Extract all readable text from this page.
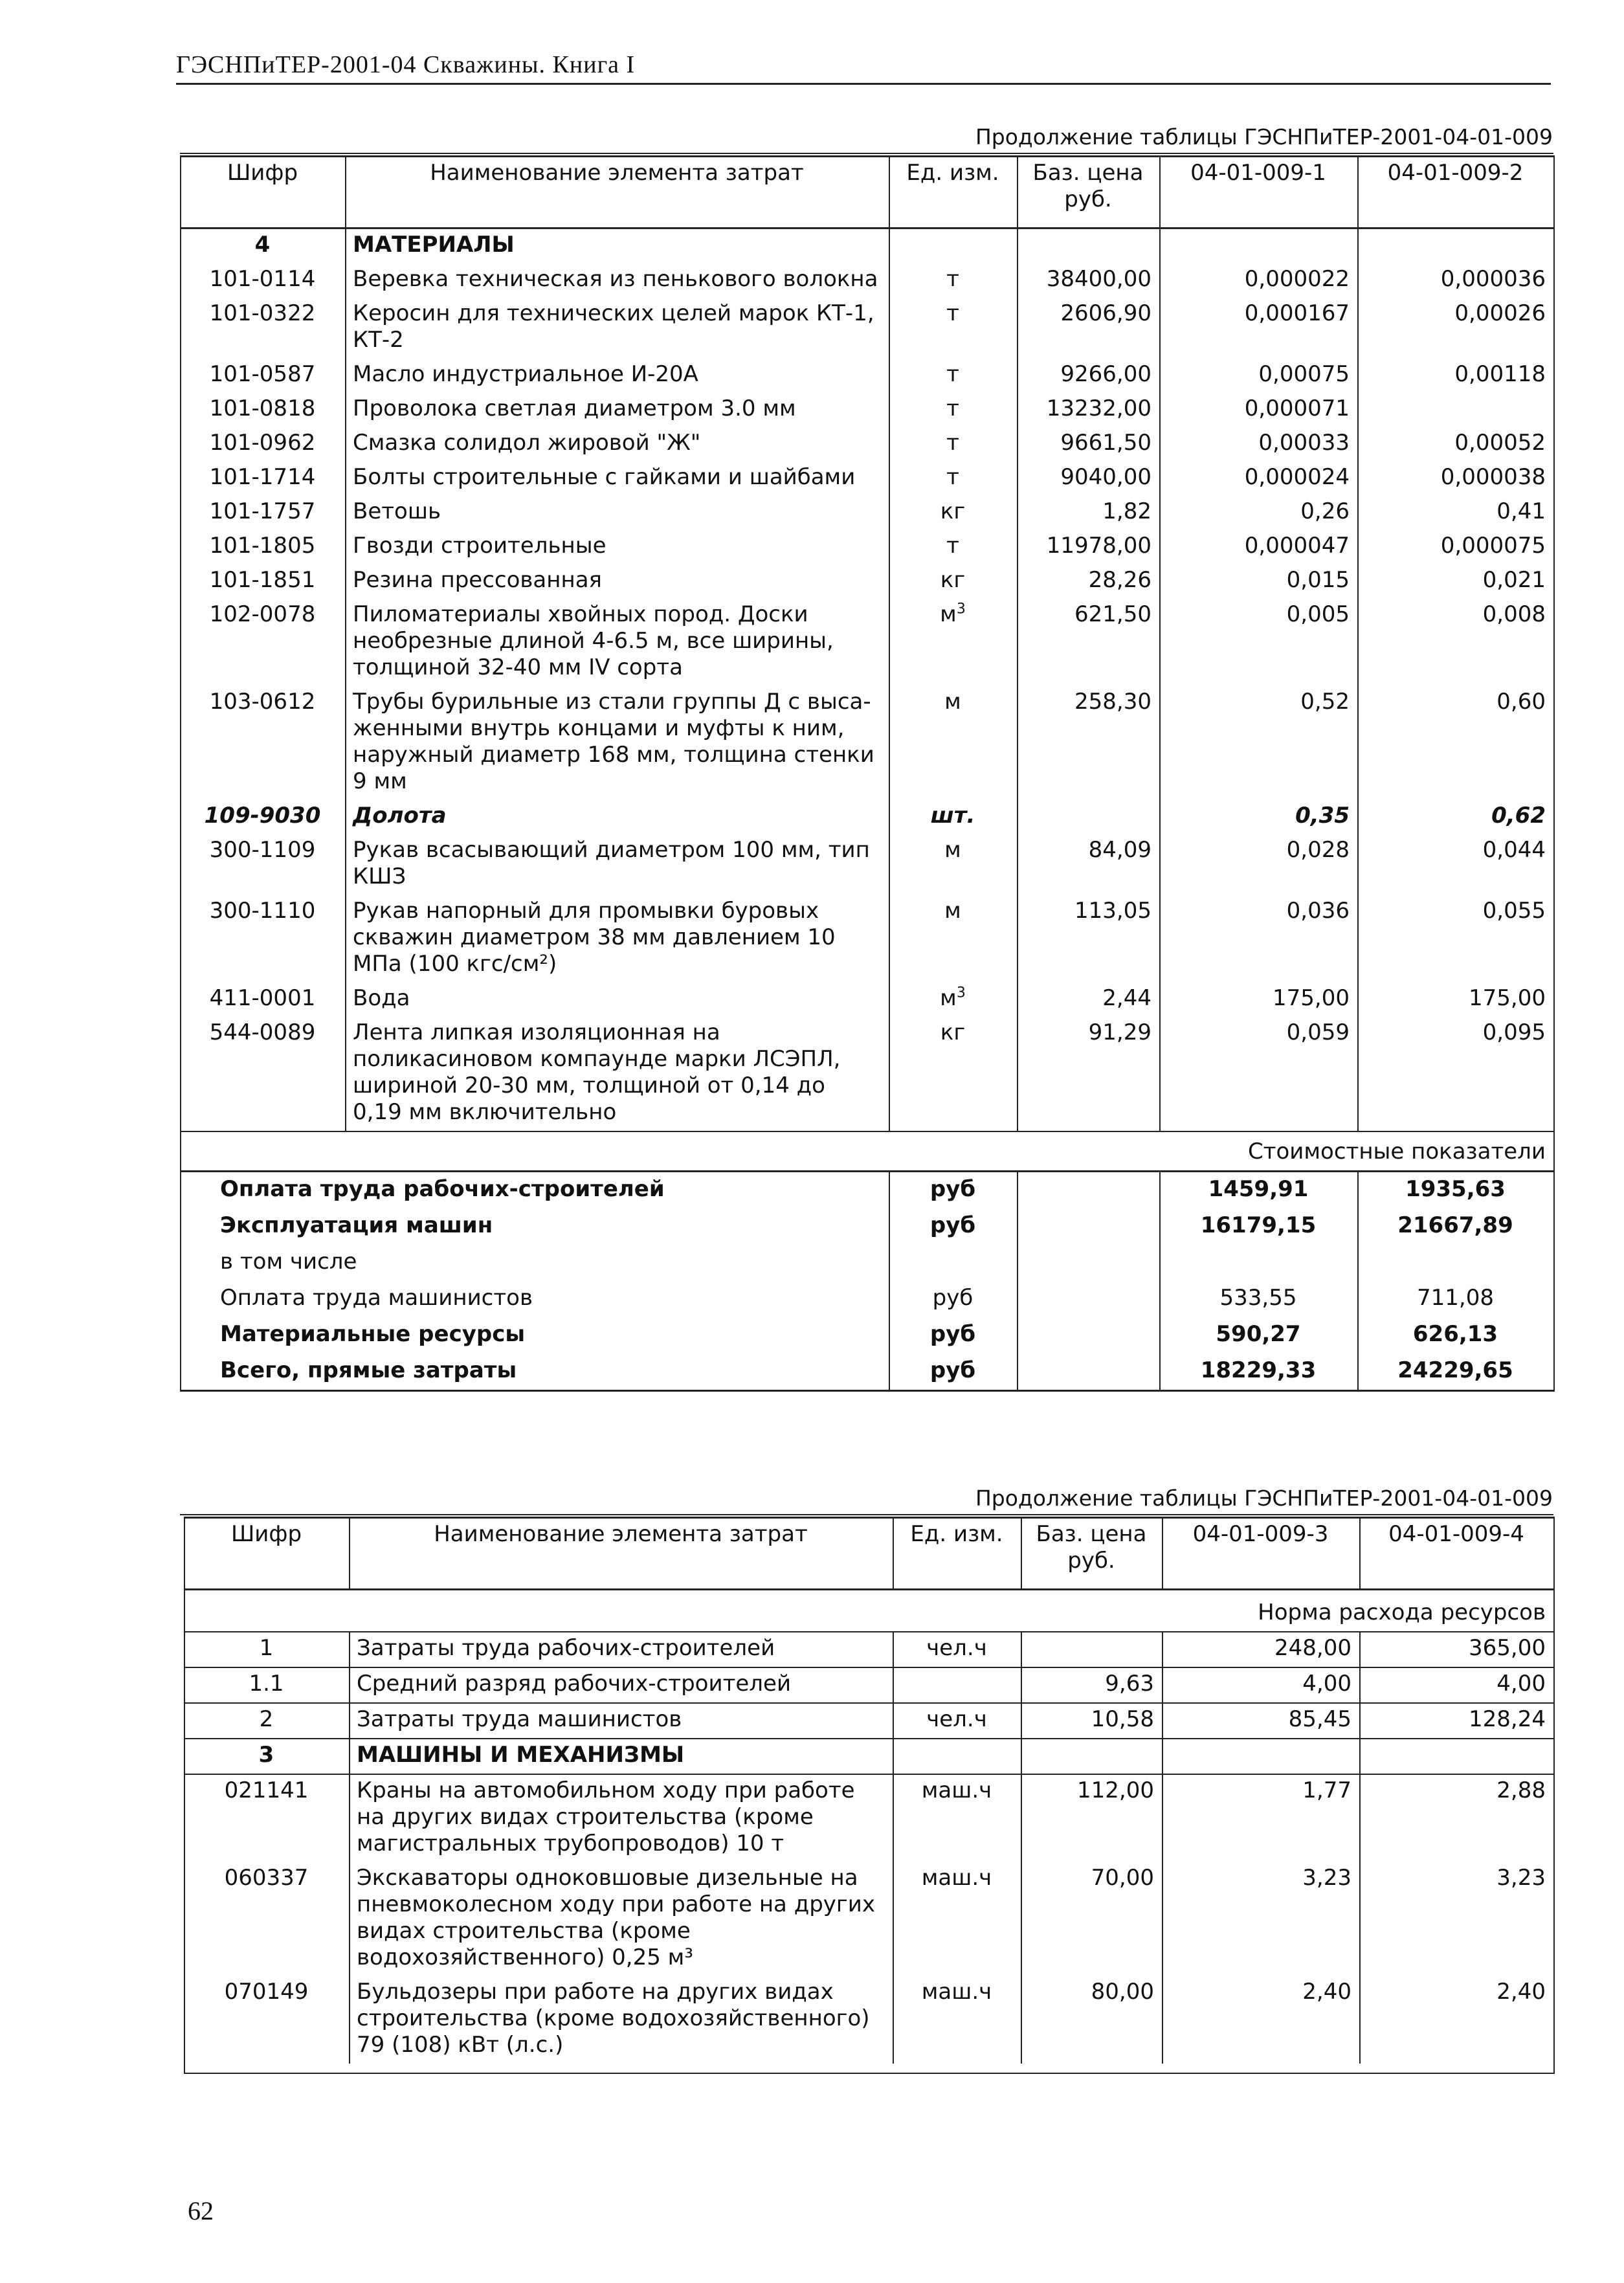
ГЭСНПиТЕР-2001-04 Скважины. Книга I
Продолжение таблицы ГЭСНПиТЕР-2001-04-01-009
Шифр	Наименование элемента затрат	Ед. изм.	Баз. цена руб.	04-01-009-1	04-01-009-2
4	МАТЕРИАЛЫ				
101-0114	Веревка техническая из пенькового волокна	т	38400,00	0,000022	0,000036
101-0322	Керосин для технических целей марок КТ-1, КТ-2	т	2606,90	0,000167	0,00026
101-0587	Масло индустриальное И-20А	т	9266,00	0,00075	0,00118
101-0818	Проволока светлая диаметром 3.0 мм	т	13232,00	0,000071	
101-0962	Смазка солидол жировой "Ж"	т	9661,50	0,00033	0,00052
101-1714	Болты строительные с гайками и шайбами	т	9040,00	0,000024	0,000038
101-1757	Ветошь	кг	1,82	0,26	0,41
101-1805	Гвозди строительные	т	11978,00	0,000047	0,000075
101-1851	Резина прессованная	кг	28,26	0,015	0,021
102-0078	Пиломатериалы хвойных пород. Доски необрезные длиной 4-6.5 м, все ширины, толщиной 32-40 мм IV сорта	$м^3$	621,50	0,005	0,008
103-0612	Трубы бурильные из стали группы Д с выса-женными внутрь концами и муфты к ним, наружный диаметр 168 мм, толщина стенки 9 мм	м	258,30	0,52	0,60
109-9030	Долота	шт.		0,35	0,62
300-1109	Рукав всасывающий диаметром 100 мм, тип КШЗ	м	84,09	0,028	0,044
300-1110	Рукав напорный для промывки буровых скважин диаметром 38 мм давлением 10 МПа (100 кгс/см²)	м	113,05	0,036	0,055
411-0001	Вода	$м^3$	2,44	175,00	175,00
544-0089	Лента липкая изоляционная на поликасиновом компаунде марки ЛСЭПЛ, шириной 20-30 мм, толщиной от 0,14 до 0,19 мм включительно	кг	91,29	0,059	0,095
Стоимостные показатели					
Оплата труда рабочих-строителей		руб		1459,91	1935,63
Эксплуатация машин		руб		16179,15	21667,89
в том числе					
Оплата труда машинистов		руб		533,55	711,08
Материальные ресурсы		руб		590,27	626,13
Всего, прямые затраты		руб		18229,33	24229,65
Продолжение таблицы ГЭСНПиТЕР-2001-04-01-009
Шифр	Наименование элемента затрат	Ед. изм.	Баз. цена руб.	04-01-009-3	04-01-009-4
Норма расхода ресурсов					
1	Затраты труда рабочих-строителей	чел.ч		248,00	365,00
1.1	Средний разряд рабочих-строителей		9,63	4,00	4,00
2	Затраты труда машинистов	чел.ч	10,58	85,45	128,24
3	МАШИНЫ И МЕХАНИЗМЫ				
021141	Краны на автомобильном ходу при работе на других видах строительства (кроме магистральных трубопроводов) 10 т	маш.ч	112,00	1,77	2,88
060337	Экскаваторы одноковшовые дизельные на пневмоколесном ходу при работе на других видах строительства (кроме водохозяйственного) 0,25 м³	маш.ч	70,00	3,23	3,23
070149	Бульдозеры при работе на других видах строительства (кроме водохозяйственного) 79 (108) кВт (л.с.)	маш.ч	80,00	2,40	2,40

62
